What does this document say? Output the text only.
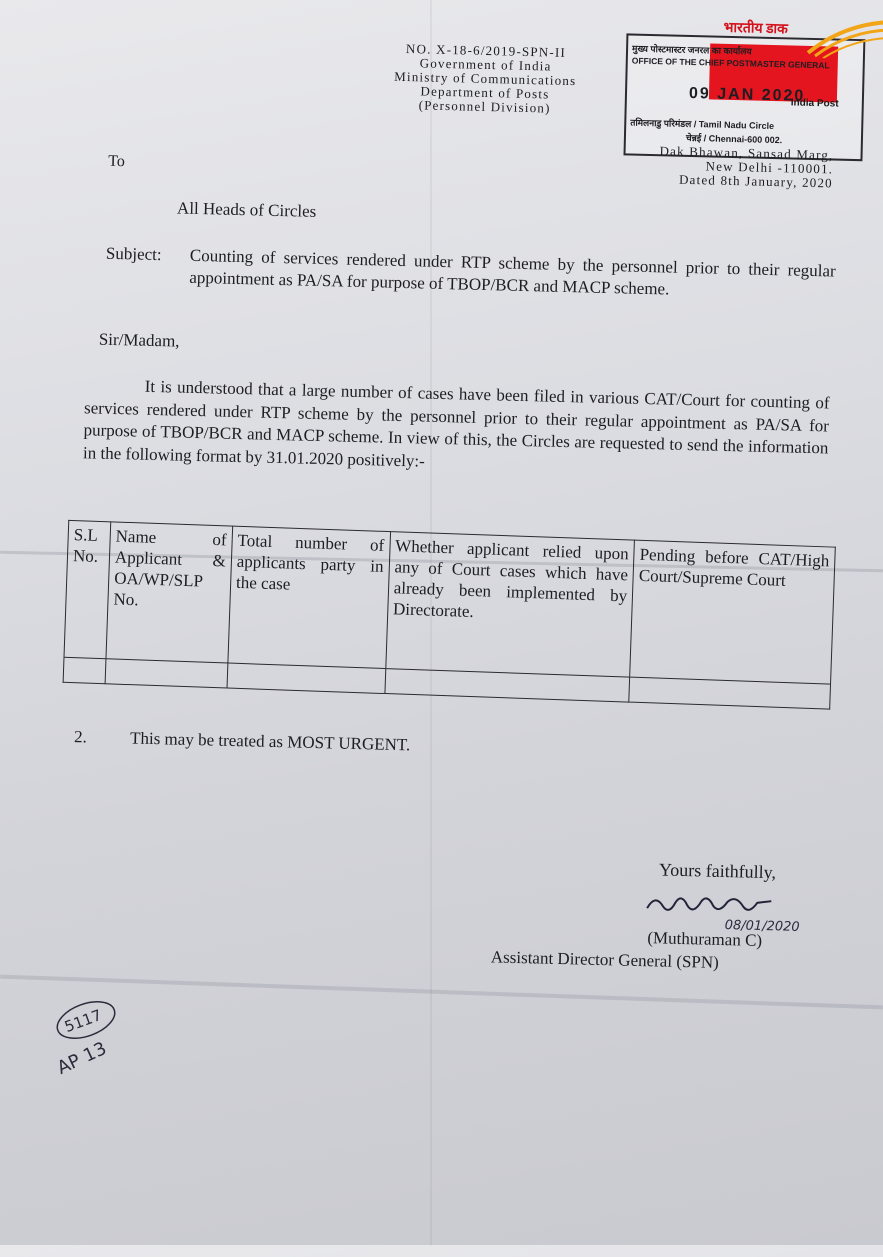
NO. X-18-6/2019-SPN-II
Government of India
Ministry of Communications
Department of Posts
(Personnel Division)
भारतीय डाक
मुख्य पोस्टमास्टर जनरल का कार्यालय
OFFICE OF THE CHIEF POSTMASTER GENERAL
09 JAN 2020
India Post
तमिलनाडु परिमंडल / Tamil Nadu Circle
चेन्नई / Chennai-600 002.
Dak Bhawan, Sansad Marg,
New Delhi -110001.
Dated 8th January, 2020
To
All Heads of Circles
Subject: Counting of services rendered under RTP scheme by the personnel prior to their regular appointment as PA/SA for purpose of TBOP/BCR and MACP scheme.
Sir/Madam,
It is understood that a large number of cases have been filed in various CAT/Court for counting of services rendered under RTP scheme by the personnel prior to their regular appointment as PA/SA for purpose of TBOP/BCR and MACP scheme. In view of this, the Circles are requested to send the information in the following format by 31.01.2020 positively:-
S.L No.	Name of Applicant & OA/WP/SLP No.	Total number of applicants party in the case	Whether applicant relied upon any of Court cases which have already been implemented by Directorate.	Pending before CAT/High Court/Supreme Court

2.	This may be treated as MOST URGENT.
Yours faithfully,
08/01/2020
(Muthuraman C)
Assistant Director General (SPN)
5117
AP 13
